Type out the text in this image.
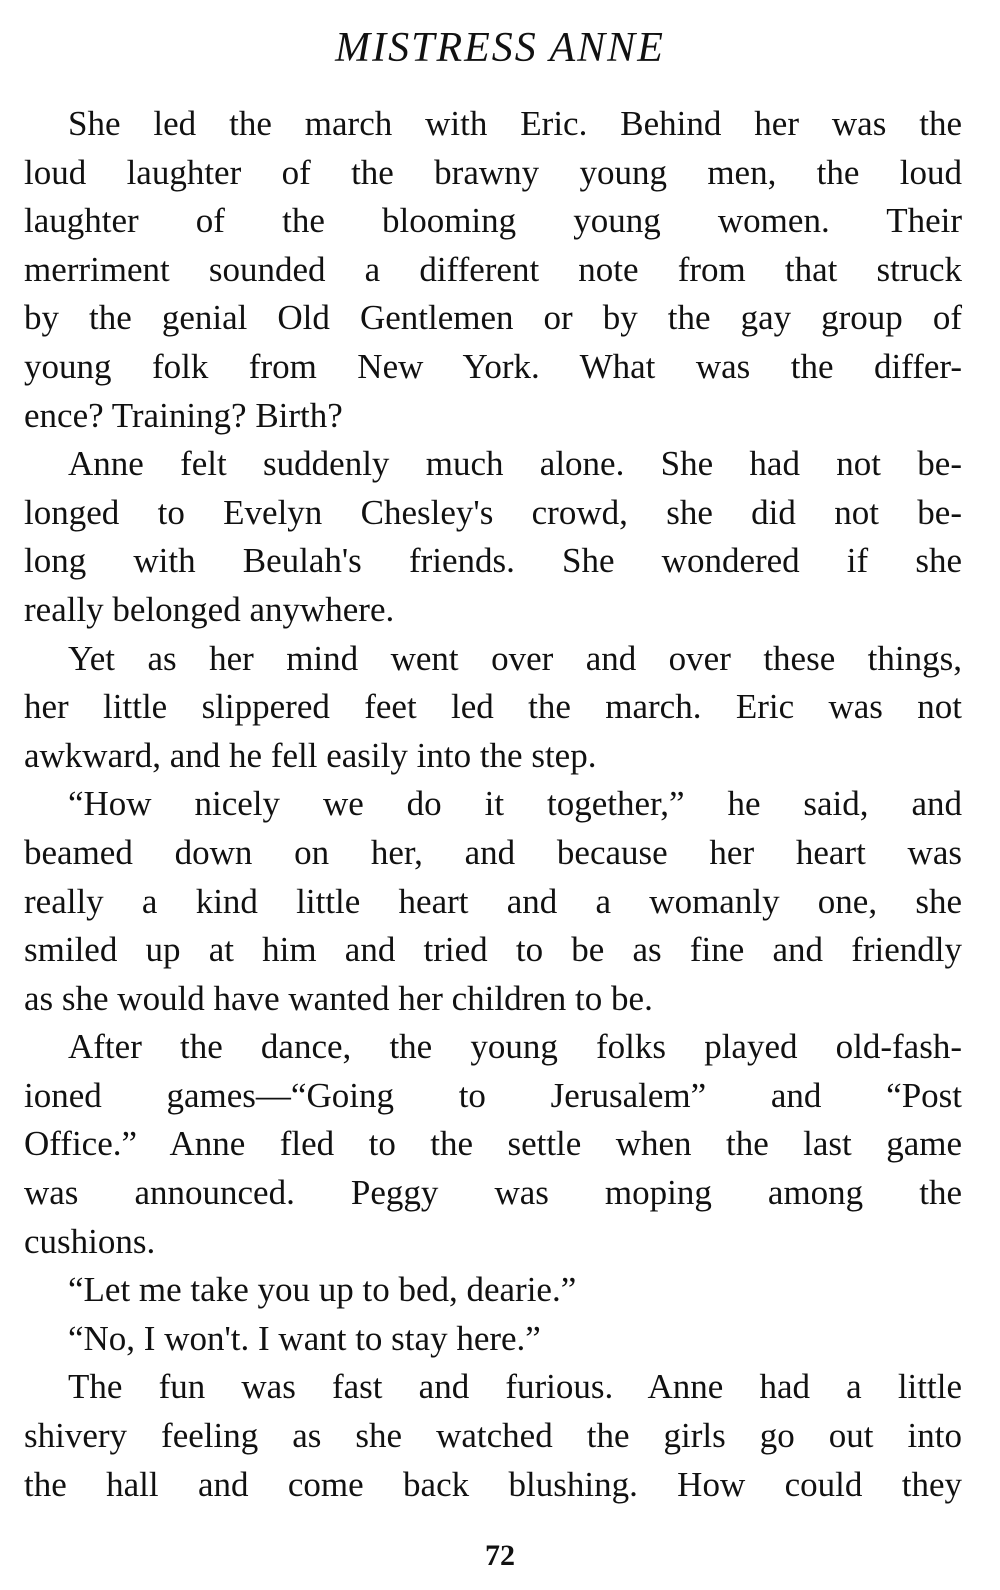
MISTRESS ANNE
She led the march with Eric. Behind her was the
loud laughter of the brawny young men, the loud
laughter of the blooming young women. Their
merriment sounded a different note from that struck
by the genial Old Gentlemen or by the gay group of
young folk from New York. What was the differ-
ence? Training? Birth?
Anne felt suddenly much alone. She had not be-
longed to Evelyn Chesley's crowd, she did not be-
long with Beulah's friends. She wondered if she
really belonged anywhere.
Yet as her mind went over and over these things,
her little slippered feet led the march. Eric was not
awkward, and he fell easily into the step.
“How nicely we do it together,” he said, and
beamed down on her, and because her heart was
really a kind little heart and a womanly one, she
smiled up at him and tried to be as fine and friendly
as she would have wanted her children to be.
After the dance, the young folks played old-fash-
ioned games—“Going to Jerusalem” and “Post
Office.” Anne fled to the settle when the last game
was announced. Peggy was moping among the
cushions.
“Let me take you up to bed, dearie.”
“No, I won't. I want to stay here.”
The fun was fast and furious. Anne had a little
shivery feeling as she watched the girls go out into
the hall and come back blushing. How could they
72
